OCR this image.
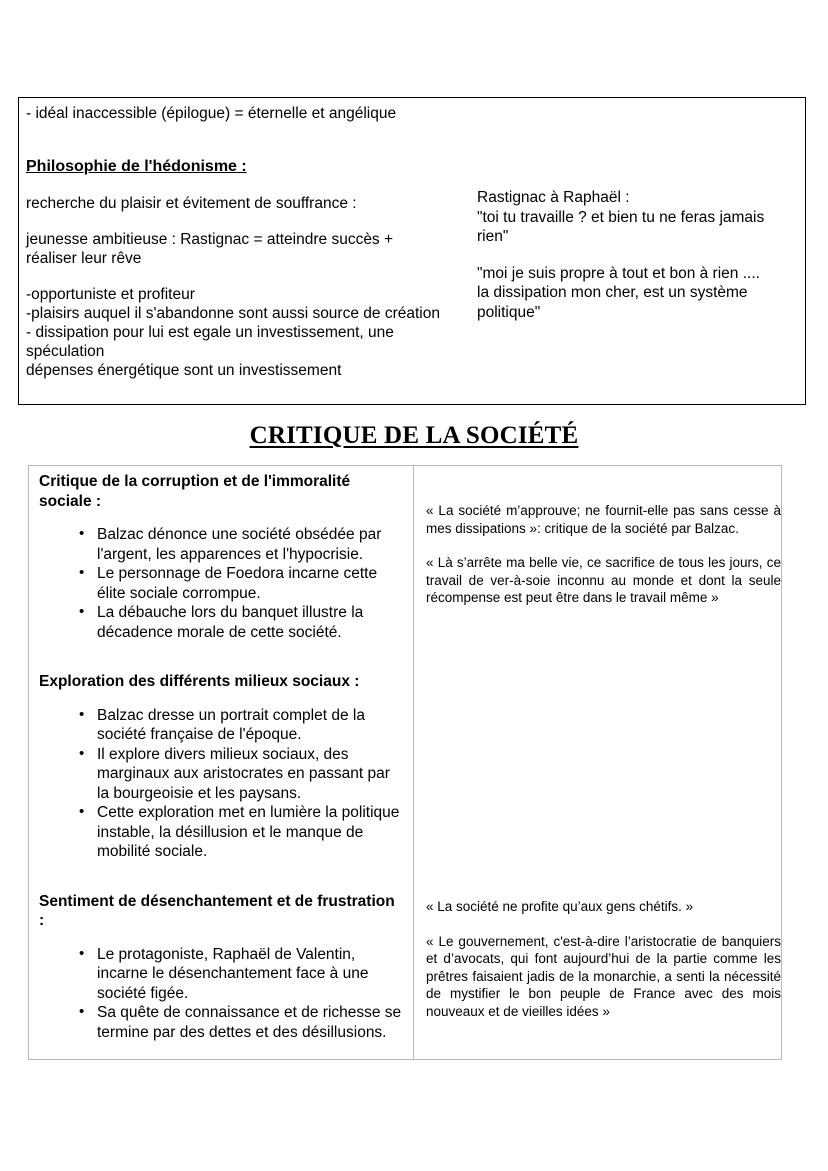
- idéal inaccessible (épilogue) = éternelle et angélique

Philosophie de l'hédonisme :

recherche du plaisir et évitement de souffrance :

jeunesse ambitieuse : Rastignac = atteindre succès +

réaliser leur rêve

-opportuniste et profiteur

-plaisirs auquel il s'abandonne sont aussi source de création

- dissipation pour lui est egale un investissement, une

spéculation

dépenses énergétique sont un investissement

Rastignac à Raphaël :

"toi tu travaille ? et bien tu ne feras jamais

rien"

"moi je suis propre à tout et bon à rien ....

la dissipation mon cher, est un système

politique"

CRITIQUE DE LA SOCIÉTÉ

Critique de la corruption et de l'immoralité sociale :

• Balzac dénonce une société obsédée par l'argent, les apparences et l'hypocrisie.
• Le personnage de Foedora incarne cette élite sociale corrompue.
• La débauche lors du banquet illustre la décadence morale de cette société.

Exploration des différents milieux sociaux :

• Balzac dresse un portrait complet de la société française de l'époque.
• Il explore divers milieux sociaux, des marginaux aux aristocrates en passant par la bourgeoisie et les paysans.
• Cette exploration met en lumière la politique instable, la désillusion et le manque de mobilité sociale.

Sentiment de désenchantement et de frustration :

• Le protagoniste, Raphaël de Valentin, incarne le désenchantement face à une société figée.
• Sa quête de connaissance et de richesse se termine par des dettes et des désillusions.

« La société m’approuve; ne fournit-elle pas sans cesse à mes dissipations »: critique de la société par Balzac.

« Là s’arrête ma belle vie, ce sacrifice de tous les jours, ce travail de ver-à-soie inconnu au monde et dont la seule récompense est peut être dans le travail même »

« La société ne profite qu’aux gens chétifs. »

« Le gouvernement, c'est-à-dire l’aristocratie de banquiers et d’avocats, qui font aujourd’hui de la partie comme les prêtres faisaient jadis de la monarchie, a senti la nécessité de mystifier le bon peuple de France avec des mois nouveaux et de vieilles idées »
